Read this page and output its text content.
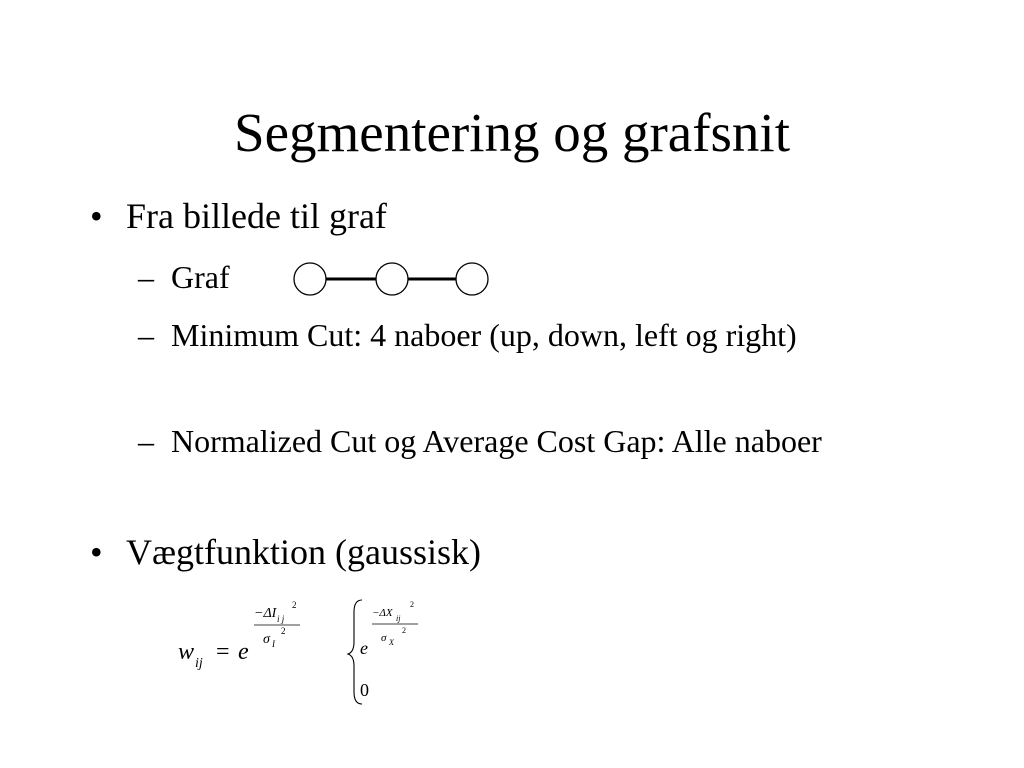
Segmentering og grafsnit
• Fra billede til graf
– Graf
– Minimum Cut: 4 naboer (up, down, left og right)
– Normalized Cut og Average Cost Gap: Alle naboer
• Vægtfunktion (gaussisk)
w ij = e
−ΔI i j
2
σ I
2
e
−ΔX ij
2
σ X
2
0
